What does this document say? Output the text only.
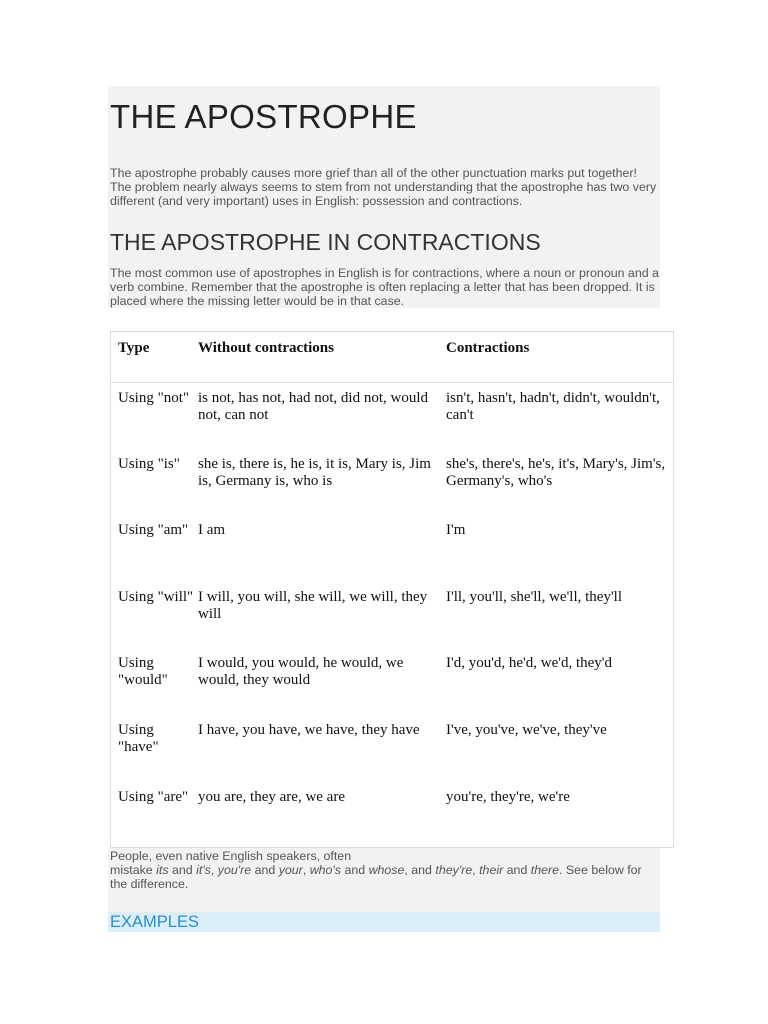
THE APOSTROPHE

The apostrophe probably causes more grief than all of the other punctuation marks put together! The problem nearly always seems to stem from not understanding that the apostrophe has two very different (and very important) uses in English: possession and contractions.

THE APOSTROPHE IN CONTRACTIONS

The most common use of apostrophes in English is for contractions, where a noun or pronoun and a verb combine. Remember that the apostrophe is often replacing a letter that has been dropped. It is placed where the missing letter would be in that case.

Type	Without contractions	Contractions
Using "not"	is not, has not, had not, did not, would not, can not	isn't, hasn't, hadn't, didn't, wouldn't, can't
Using "is"	she is, there is, he is, it is, Mary is, Jim is, Germany is, who is	she's, there's, he's, it's, Mary's, Jim's, Germany's, who's
Using "am"	I am	I'm
Using "will"	I will, you will, she will, we will, they will	I'll, you'll, she'll, we'll, they'll
Using "would"	I would, you would, he would, we would, they would	I'd, you'd, he'd, we'd, they'd
Using "have"	I have, you have, we have, they have	I've, you've, we've, they've
Using "are"	you are, they are, we are	you're, they're, we're

People, even native English speakers, often
mistake its and it's, you're and your, who's and whose, and they're, their and there. See below for the difference.

EXAMPLES
